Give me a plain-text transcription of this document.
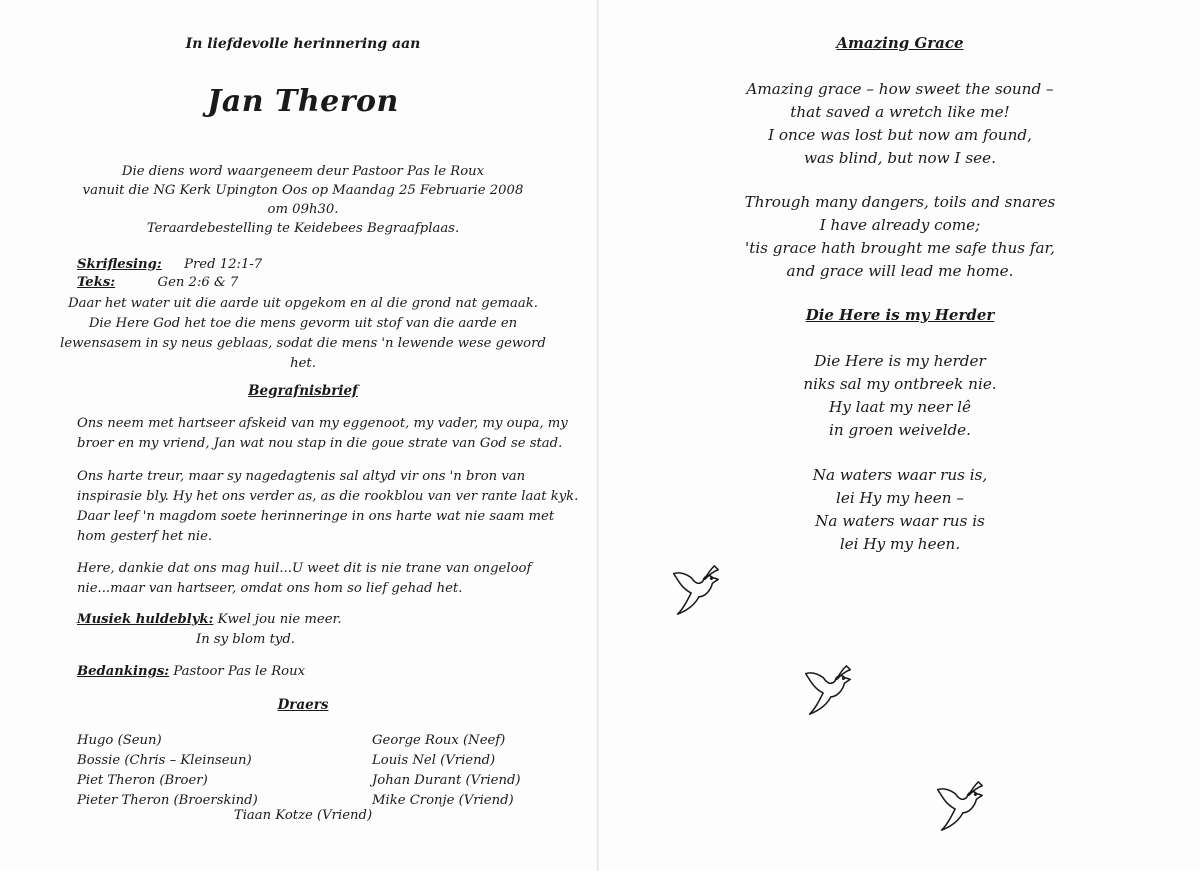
In liefdevolle herinnering aan
Jan Theron
Die diens word waargeneem deur Pastoor Pas le Roux
vanuit die NG Kerk Upington Oos op Maandag 25 Februarie 2008
om 09h30.
Teraardebestelling te Keidebees Begraafplaas.
Skriflesing: Pred 12:1-7
Teks:	Gen 2:6 & 7
Daar het water uit die aarde uit opgekom en al die grond nat gemaak.
Die Here God het toe die mens gevorm uit stof van die aarde en
lewensasem in sy neus geblaas, sodat die mens 'n lewende wese geword
het.
Begrafnisbrief
Ons neem met hartseer afskeid van my eggenoot, my vader, my oupa, my
broer en my vriend, Jan wat nou stap in die goue strate van God se stad.
Ons harte treur, maar sy nagedagtenis sal altyd vir ons 'n bron van
inspirasie bly. Hy het ons verder as, as die rookblou van ver rante laat kyk.
Daar leef 'n magdom soete herinneringe in ons harte wat nie saam met
hom gesterf het nie.
Here, dankie dat ons mag huil...U weet dit is nie trane van ongeloof
nie...maar van hartseer, omdat ons hom so lief gehad het.
Musiek huldeblyk: Kwel jou nie meer.
In sy blom tyd.
Bedankings: Pastoor Pas le Roux
Draers
Hugo (Seun)
Bossie (Chris – Kleinseun)
Piet Theron (Broer)
Pieter Theron (Broerskind)
George Roux (Neef)
Louis Nel (Vriend)
Johan Durant (Vriend)
Mike Cronje (Vriend)
Tiaan Kotze (Vriend)
Amazing Grace
Amazing grace – how sweet the sound –
that saved a wretch like me!
I once was lost but now am found,
was blind, but now I see.
Through many dangers, toils and snares
I have already come;
'tis grace hath brought me safe thus far,
and grace will lead me home.
Die Here is my Herder
Die Here is my herder
niks sal my ontbreek nie.
Hy laat my neer lê
in groen weivelde.
Na waters waar rus is,
lei Hy my heen –
Na waters waar rus is
lei Hy my heen.
